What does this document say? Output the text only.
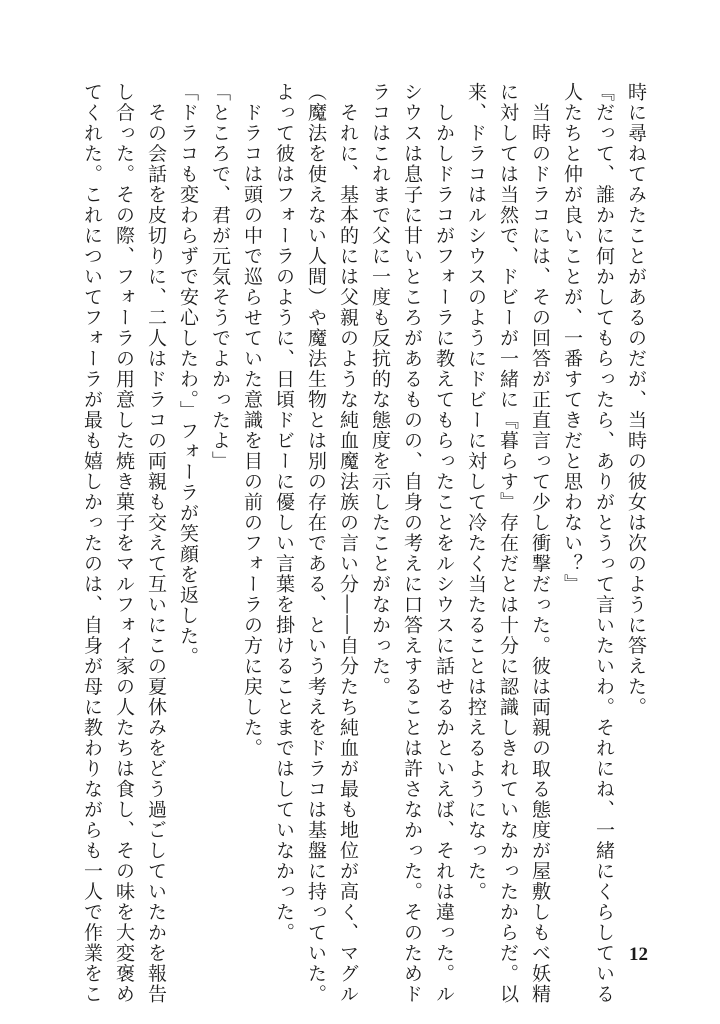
時に尋ねてみたことがあるのだが、当時の彼女は次のように答えた。

『だって、誰かに何かしてもらったら、ありがとうって言いたいわ。それにね、一緒にくらしている

人たちと仲が良いことが、一番すてきだと思わない？』

　当時のドラコには、その回答が正直言って少し衝撃だった。彼は両親の取る態度が屋敷しもべ妖精

に対しては当然で、ドビーが一緒に『暮らす』存在だとは十分に認識しきれていなかったからだ。以

来、ドラコはルシウスのようにドビーに対して冷たく当たることは控えるようになった。

　しかしドラコがフォーラに教えてもらったことをルシウスに話せるかといえば、それは違った。ル

シウスは息子に甘いところがあるものの、自身の考えに口答えすることは許さなかった。そのためド

ラコはこれまで父に一度も反抗的な態度を示したことがなかった。

　それに、基本的には父親のような純血魔法族の言い分――自分たち純血が最も地位が高く、マグル

（魔法を使えない人間）や魔法生物とは別の存在である、という考えをドラコは基盤に持っていた。

よって彼はフォーラのように、日頃ドビーに優しい言葉を掛けることまではしていなかった。

　ドラコは頭の中で巡らせていた意識を目の前のフォーラの方に戻した。

「ところで、君が元気そうでよかったよ」

「ドラコも変わらずで安心したわ。」フォーラが笑顔を返した。

　その会話を皮切りに、二人はドラコの両親も交えて互いにこの夏休みをどう過ごしていたかを報告

し合った。その際、フォーラの用意した焼き菓子をマルフォイ家の人たちは食し、その味を大変褒め

てくれた。これについてフォーラが最も嬉しかったのは、自身が母に教わりながらも一人で作業をこ	12
